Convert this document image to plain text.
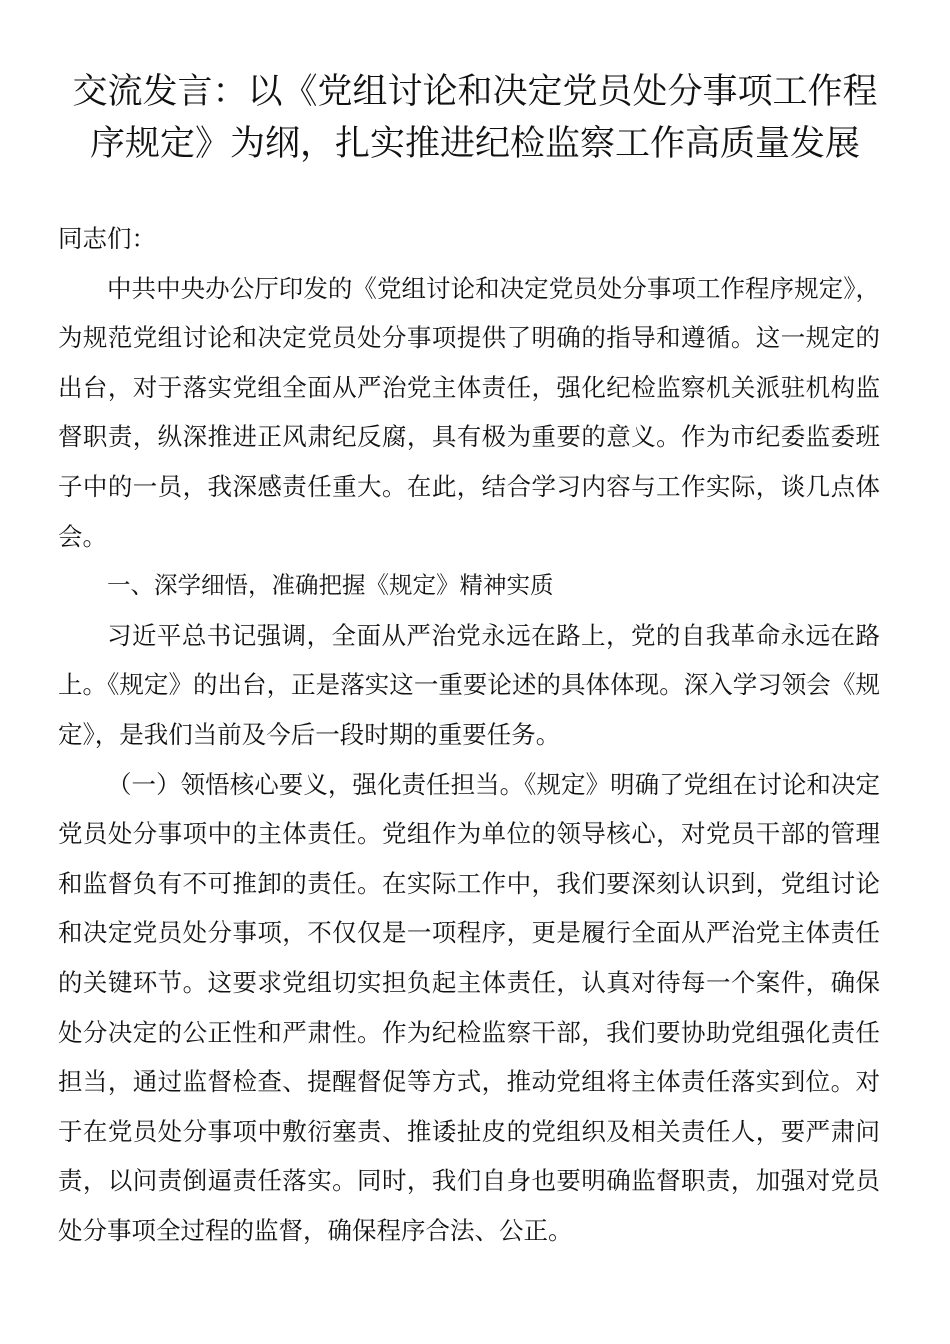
交流发言：以《党组讨论和决定党员处分事项工作程序规定》为纲，扎实推进纪检监察工作高质量发展

同志们：

中共中央办公厅印发的《党组讨论和决定党员处分事项工作程序规定》，为规范党组讨论和决定党员处分事项提供了明确的指导和遵循。这一规定的出台，对于落实党组全面从严治党主体责任，强化纪检监察机关派驻机构监督职责，纵深推进正风肃纪反腐，具有极为重要的意义。作为市纪委监委班子中的一员，我深感责任重大。在此，结合学习内容与工作实际，谈几点体会。

一、深学细悟，准确把握《规定》精神实质

习近平总书记强调，全面从严治党永远在路上，党的自我革命永远在路上。《规定》的出台，正是落实这一重要论述的具体体现。深入学习领会《规定》，是我们当前及今后一段时期的重要任务。

（一）领悟核心要义，强化责任担当。《规定》明确了党组在讨论和决定党员处分事项中的主体责任。党组作为单位的领导核心，对党员干部的管理和监督负有不可推卸的责任。在实际工作中，我们要深刻认识到，党组讨论和决定党员处分事项，不仅仅是一项程序，更是履行全面从严治党主体责任的关键环节。这要求党组切实担负起主体责任，认真对待每一个案件，确保处分决定的公正性和严肃性。作为纪检监察干部，我们要协助党组强化责任担当，通过监督检查、提醒督促等方式，推动党组将主体责任落实到位。对于在党员处分事项中敷衍塞责、推诿扯皮的党组织及相关责任人，要严肃问责，以问责倒逼责任落实。同时，我们自身也要明确监督职责，加强对党员处分事项全过程的监督，确保程序合法、公正。
